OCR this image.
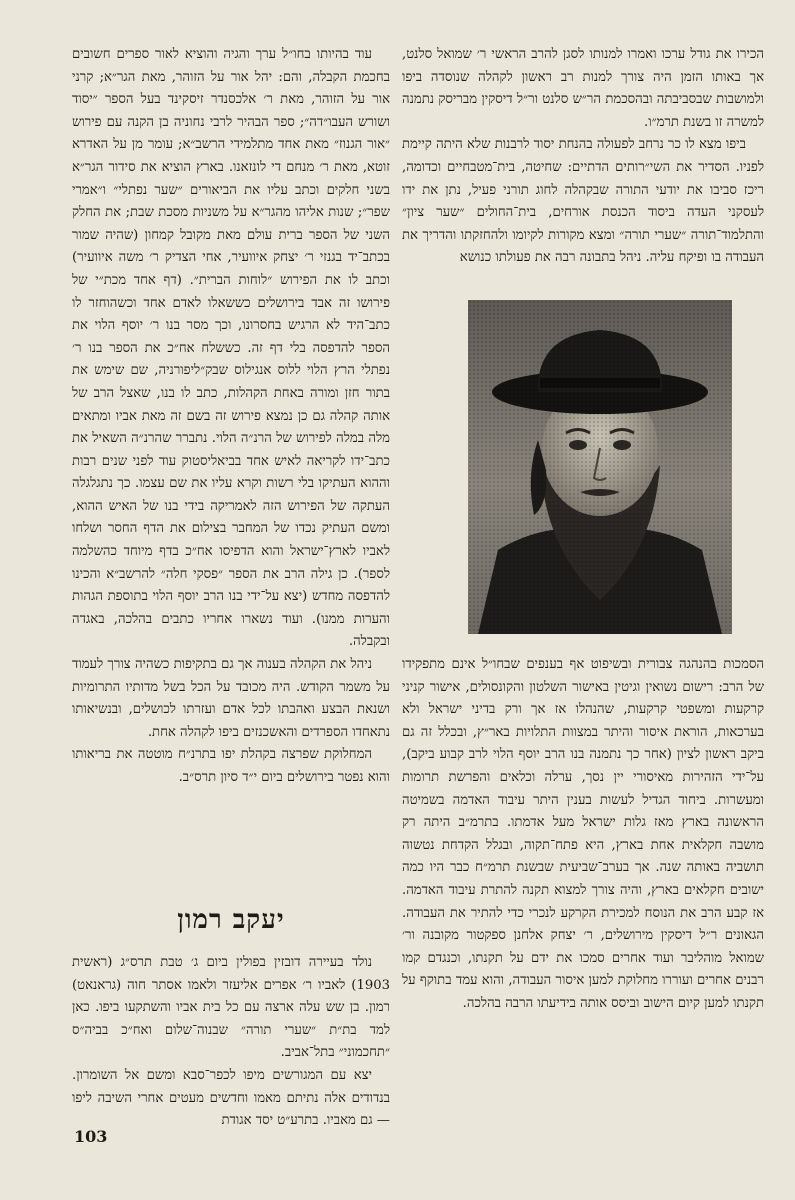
הכירו את גודל ערכו ואמרו למנותו לסגן להרב הראשי ר׳ שמואל סלנט, אך באותו הזמן היה צורך למנות רב ראשון לקהלה שנוסדה ביפו ולמושבות שבסביבתה ובהסכמת הר״ש סלנט ור״ל דיסקין מבריסק נתמנה למשרה זו בשנת תרמ״ו.

ביפו מצא לו כר נרחב לפעולה בהנחת יסוד לרבנות שלא היתה קיימת לפניו. הסדיר את השי״רותים הדתיים: שחיטה, בית־מטבחיים וכדומה, ריכז סביבו את יודעי התורה שבקהלה לחוג תורני פעיל, נתן את ידו לעסקני העדה ביסוד הכנסת אורחים, בית־החולים ״שער ציון״ והתלמוד־תורה ״שערי תורה״ ומצא מקורות לקיומו ולהחזקתו והדריך את העבודה בו ופיקח עליה. ניהל בתבונה רבה את פעולתו כנושא

הסמכות בהנהגה צבורית ובשיפוט אף בענפים שבחו״ל אינם מתפקידו של הרב: רישום נשואין וגיטין באישור השלטון והקונסולים, אישור קניני קרקעות ומשפטי קרקעות, שהנהלו אז אך ורק בדיני ישראל ולא בערכאות, הוראת איסור והיתר במצוות התלויות באר״ץ, ובכלל זה גם ביקב ראשון לציון (אחר כך נתמנה בנו הרב יוסף הלוי לרב קבוע ביקב), על־ידי הזהירות מאיסורי יין נסך, ערלה וכלאים והפרשת תרומות ומעשרות. ביחוד הגדיל לעשות בענין היתר עיבוד האדמה בשמיטה הראשונה בארץ מאז גלות ישראל מעל אדמתו. בתרמ״ב היתה רק מושבה חקלאית אחת בארץ, היא פתח־תקוה, ובגלל הקדחת נטשוה תושביה באותה שנה. אך בערב־שביעית שבשנת תרמ״ח כבר היו כמה ישובים חקלאים בארץ, והיה צורך למצוא תקנה להתרת עיבוד האדמה. אז קבע הרב את הנוסח למכירת הקרקע לנכרי כדי להתיר את העבודה. הגאונים ר״ל דיסקין מירושלים, ר׳ יצחק אלחנן ספקטור מקובנה ור׳ שמואל מוהליבר ועוד אחרים סמכו את ידם על תקנתו, וכנגדם קמו רבנים אחרים ועוררו מחלוקת למען איסור העבודה, והוא עמד בתוקף על תקנתו למען קיום הישוב וביסס אותה בידיעתו הרבה בהלכה.

עוד בהיותו בחו״ל ערך והגיה והוציא לאור ספרים חשובים בחכמת הקבלה, והם: יהל אור על הזוהר, מאת הגר״א; קרני אור על הזוהר, מאת ר׳ אלכסנדר זיסקינד בעל הספר ״יסוד ושורש העבו״דה״; ספר הבהיר לרבי נחוניה בן הקנה עם פירוש ״אור הגנוז״ מאת אחד מתלמידי הרשב״א; עומר מן על האדרא זוטא, מאת ר׳ מנחם די לונזאנו. בארץ הוציא את סידור הגר״א בשני חלקים וכתב עליו את הביאורים ״שער נפתלי״ ו״אמרי שפר״; שנות אליהו מהגר״א על משניות מסכת שבת; את החלק השני של הספר ברית עולם מאת מקובל קמחון (שהיה שמור בכתב־יד בגנזי ר׳ יצחק איוועיר, אחי הצדיק ר׳ משה איוועיר) וכתב לו את הפירוש ״לוחות הברית״. (דף אחד מכת״י של פירושו זה אבד בירושלים כששאלו לאדם אחד וכשהוחזר לו כתב־היד לא הרגיש בחסרונו, וכך מסר בנו ר׳ יוסף הלוי את הספר להדפסה בלי דף זה. כששלח אח״כ את הספר בנו ר׳ נפתלי הרץ הלוי ללוס אנגילוס שבק״ליפורניה, שם שימש את בתור חזן ומורה באחת הקהלות, כתב לו בנו, שאצל הרב של אותה קהלה גם כן נמצא פירוש זה בשם זה מאת אביו ומתאים מלה במלה לפירוש של הרנ״ה הלוי. נתברר שהרנ״ה השאיל את כתב־ידו לקריאה לאיש אחד בביאליסטוק עוד לפני שנים רבות וההוא העתיקו בלי רשות וקרא עליו את שם עצמו. כך נתגלגלה העתקה של הפירוש הזה לאמריקה בידי בנו של האיש ההוא, ומשם העתיק נכדו של המחבר בצילום את הדף החסר ושלחו לאביו לארץ־ישראל והוא הדפיסו אח״כ בדף מיוחד כהשלמה לספר). כן גילה הרב את הספר ״פסקי חלה״ להרשב״א והכינו להדפסה מחדש (יצא על־ידי בנו הרב יוסף הלוי בתוספת הגהות והערות ממנו). ועוד נשארו אחריו כתבים בהלכה, באגדה ובקבלה.

ניהל את הקהלה בענוה אך גם בתקיפות כשהיה צורך לעמוד על משמר הקודש. היה מכובד על הכל בשל מדותיו התרומיות ושנאת הבצע ואהבתו לכל אדם ועזרתו לכושלים, ובנשיאותו נתאחדו הספרדים והאשכנזים ביפו לקהלה אחת.

המחלוקת שפרצה בקהלת יפו בתרנ״ח מוטטה את בריאותו והוא נפטר בירושלים ביום י״ד סיון תרס״ב.

יעקב רמון

נולד בעיירה דובזין בפולין ביום ג׳ טבת תרס״ג (ראשית 1903) לאביו ר׳ אפרים אליעזר ולאמו אסתר חוה (גראנאט) רמון. בן שש עלה ארצה עם כל בית אביו והשתקעו ביפו. כאן למד בת״ת ״שערי תורה״ שבנוה־שלום ואח״כ בביה״ס ״תחכמוני״ בתל־אביב.

יצא עם המגורשים מיפו לכפר־סבא ומשם אל השומרון. בנדודים אלה נתיתם מאמו וחדשים מעטים אחרי השיבה ליפו — גם מאביו. בתרע״ט יסד אגודת

103
